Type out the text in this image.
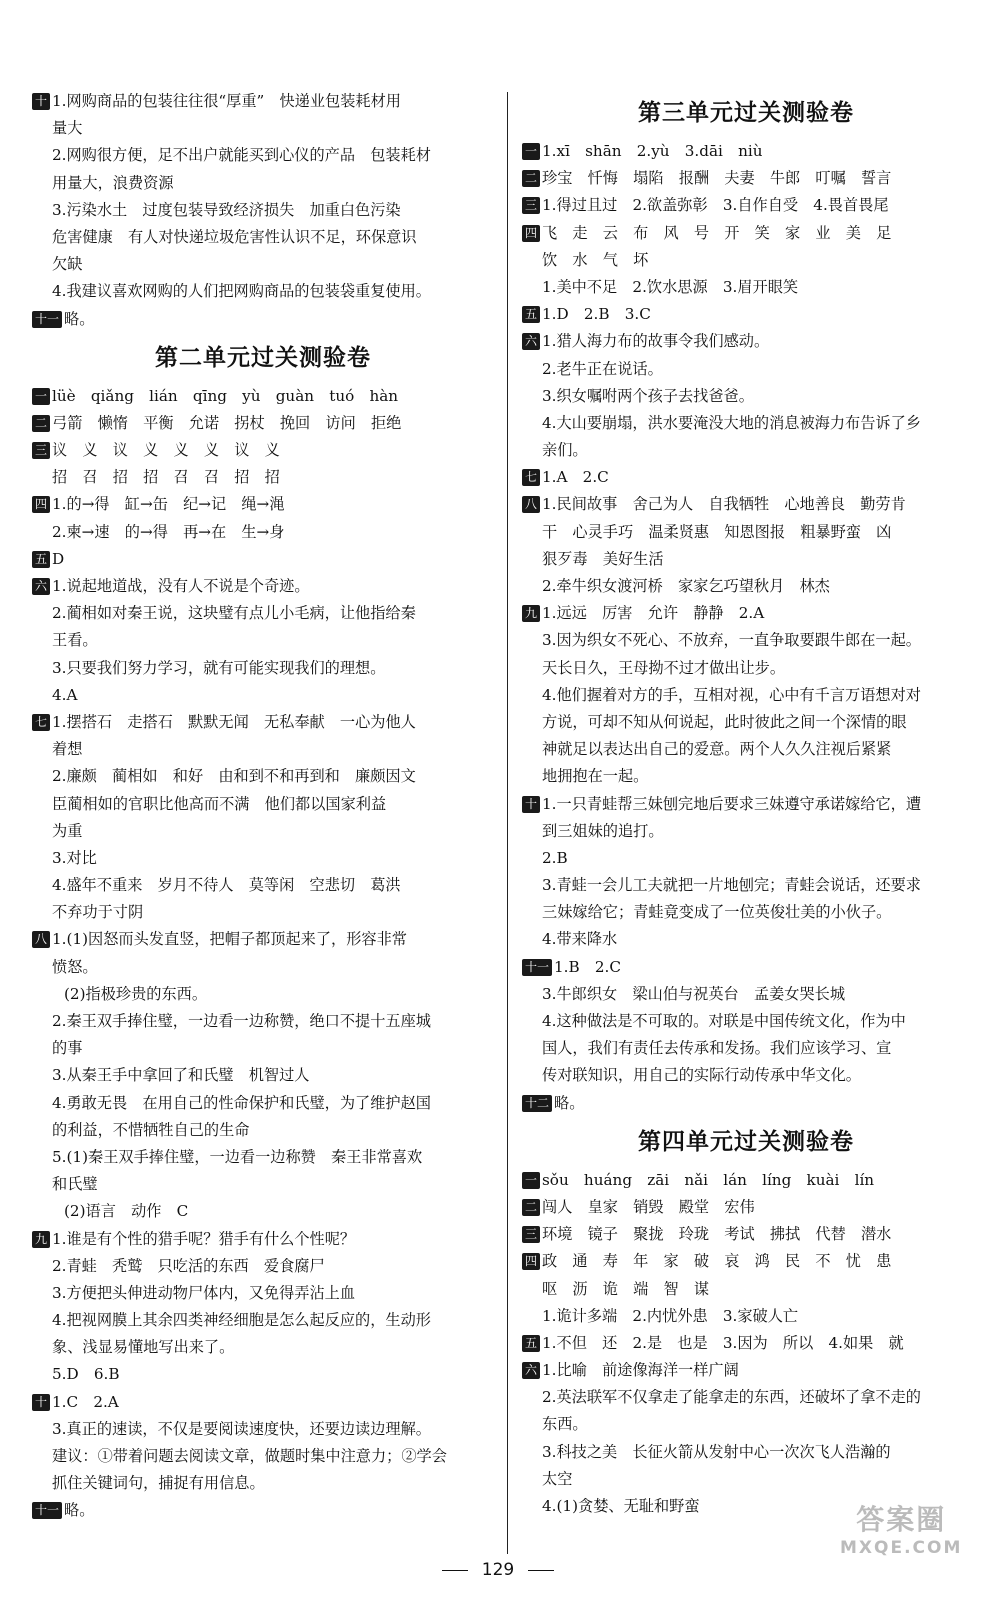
十 1.网购商品的包装往往很“厚重”　快递业包装耗材用
量大
2.网购很方便，足不出户就能买到心仪的产品　包装耗材
用量大，浪费资源
3.污染水土　过度包装导致经济损失　加重白色污染
危害健康　有人对快递垃圾危害性认识不足，环保意识
欠缺
4.我建议喜欢网购的人们把网购商品的包装袋重复使用。
十一 略。
第二单元过关测验卷
一 lüè　qiǎng　lián　qīng　yù　guàn　tuó　hàn
二 弓箭　懒惰　平衡　允诺　拐杖　挽回　访问　拒绝
三 议　义　议　义　义　义　议　义
招　召　招　招　召　召　招　招
四 1.的→得　缸→缶　纪→记　绳→渑
2.柬→速　的→得　再→在　生→身
五 D
六 1.说起地道战，没有人不说是个奇迹。
2.蔺相如对秦王说，这块璧有点儿小毛病，让他指给秦
王看。
3.只要我们努力学习，就有可能实现我们的理想。
4.A
七 1.摆搭石　走搭石　默默无闻　无私奉献　一心为他人
着想
2.廉颇　蔺相如　和好　由和到不和再到和　廉颇因文
臣蔺相如的官职比他高而不满　他们都以国家利益
为重
3.对比
4.盛年不重来　岁月不待人　莫等闲　空悲切　葛洪
不弃功于寸阴
八 1.(1)因怒而头发直竖，把帽子都顶起来了，形容非常
愤怒。
(2)指极珍贵的东西。
2.秦王双手捧住璧，一边看一边称赞，绝口不提十五座城
的事
3.从秦王手中拿回了和氏璧　机智过人
4.勇敢无畏　在用自己的性命保护和氏璧，为了维护赵国
的利益，不惜牺牲自己的生命
5.(1)秦王双手捧住璧，一边看一边称赞　秦王非常喜欢
和氏璧
(2)语言　动作　C
九 1.谁是有个性的猎手呢？猎手有什么个性呢？
2.青蛙　秃鹫　只吃活的东西　爱食腐尸
3.方便把头伸进动物尸体内，又免得弄沾上血
4.把视网膜上其余四类神经细胞是怎么起反应的，生动形
象、浅显易懂地写出来了。
5.D　6.B
十 1.C　2.A
3.真正的速读，不仅是要阅读速度快，还要边读边理解。
建议：①带着问题去阅读文章，做题时集中注意力；②学会
抓住关键词句，捕捉有用信息。
十一 略。
第三单元过关测验卷
一 1.xī　shān　2.yù　3.dāi　niù
二 珍宝　忏悔　塌陷　报酬　夫妻　牛郎　叮嘱　誓言
三 1.得过且过　2.欲盖弥彰　3.自作自受　4.畏首畏尾
四 飞　走　云　布　风　号　开　笑　家　业　美　足
饮　水　气　坏
1.美中不足　2.饮水思源　3.眉开眼笑
五 1.D　2.B　3.C
六 1.猎人海力布的故事令我们感动。
2.老牛正在说话。
3.织女嘱咐两个孩子去找爸爸。
4.大山要崩塌，洪水要淹没大地的消息被海力布告诉了乡
亲们。
七 1.A　2.C
八 1.民间故事　舍己为人　自我牺牲　心地善良　勤劳肯
干　心灵手巧　温柔贤惠　知恩图报　粗暴野蛮　凶
狠歹毒　美好生活
2.牵牛织女渡河桥　家家乞巧望秋月　林杰
九 1.远远　厉害　允许　静静　2.A
3.因为织女不死心、不放弃，一直争取要跟牛郎在一起。
天长日久，王母拗不过才做出让步。
4.他们握着对方的手，互相对视，心中有千言万语想对对
方说，可却不知从何说起，此时彼此之间一个深情的眼
神就足以表达出自己的爱意。两个人久久注视后紧紧
地拥抱在一起。
十 1.一只青蛙帮三妹刨完地后要求三妹遵守承诺嫁给它，遭
到三姐妹的追打。
2.B
3.青蛙一会儿工夫就把一片地刨完；青蛙会说话，还要求
三妹嫁给它；青蛙竟变成了一位英俊壮美的小伙子。
4.带来降水
十一 1.B　2.C
3.牛郎织女　梁山伯与祝英台　孟姜女哭长城
4.这种做法是不可取的。对联是中国传统文化，作为中
国人，我们有责任去传承和发扬。我们应该学习、宣
传对联知识，用自己的实际行动传承中华文化。
十二 略。
第四单元过关测验卷
一 sǒu　huáng　zāi　nǎi　lán　líng　kuài　lín
二 闯人　皇家　销毁　殿堂　宏伟
三 环境　镜子　聚拢　玲珑　考试　拂拭　代替　潜水
四 政　通　寿　年　家　破　哀　鸿　民　不　忧　患
呕　沥　诡　端　智　谋
1.诡计多端　2.内忧外患　3.家破人亡
五 1.不但　还　2.是　也是　3.因为　所以　4.如果　就
六 1.比喻　前途像海洋一样广阔
2.英法联军不仅拿走了能拿走的东西，还破坏了拿不走的
东西。
3.科技之美　长征火箭从发射中心一次次飞人浩瀚的
太空
4.(1)贪婪、无耻和野蛮
129
答案圈
MXQE.COM
